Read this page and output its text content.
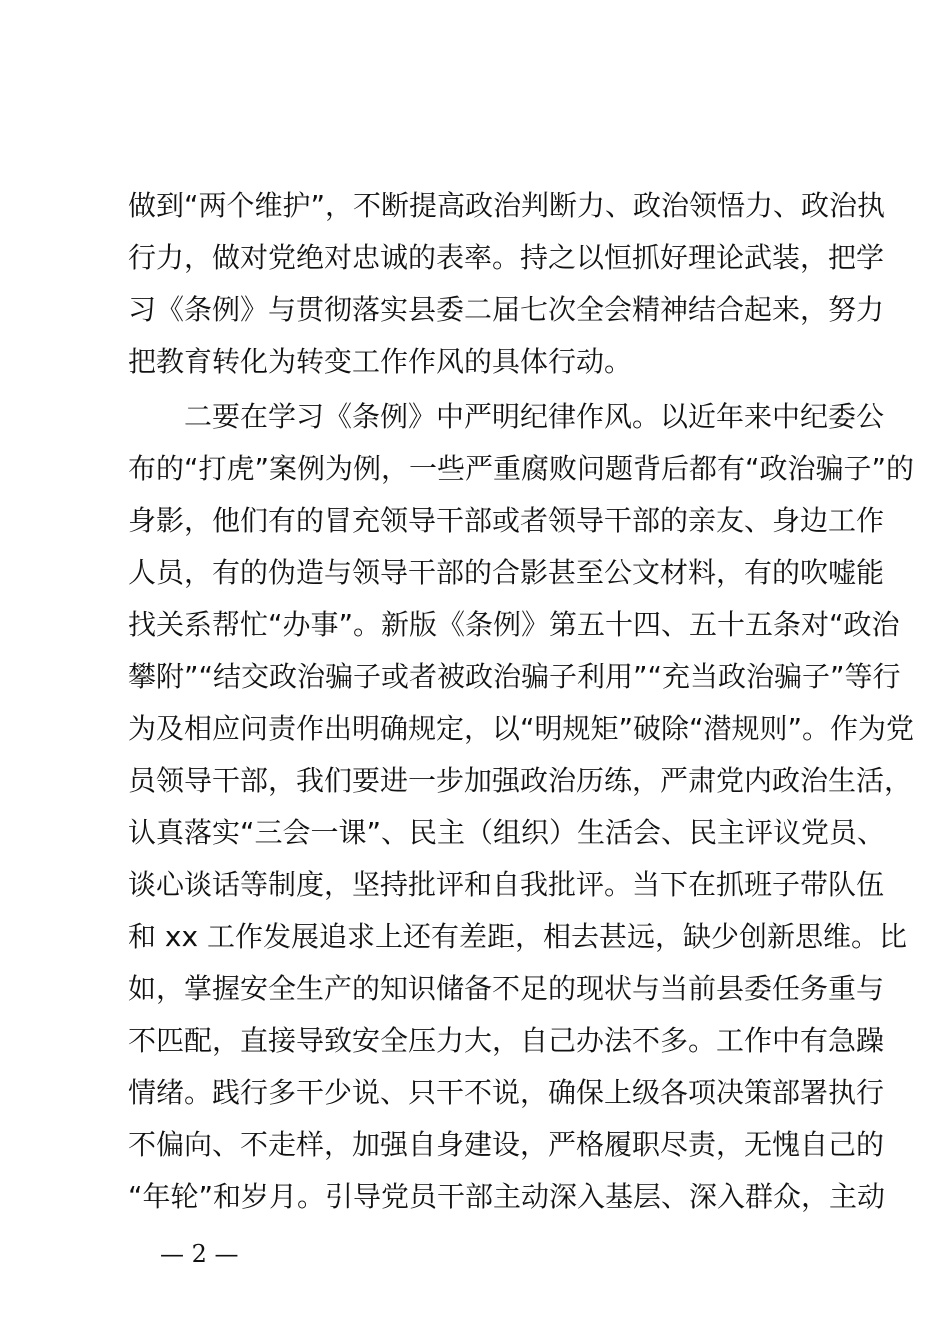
做到“两个维护”，不断提高政治判断力、政治领悟力、政治执
行力，做对党绝对忠诚的表率。持之以恒抓好理论武装，把学
习《条例》与贯彻落实县委二届七次全会精神结合起来，努力
把教育转化为转变工作作风的具体行动。
二要在学习《条例》中严明纪律作风。以近年来中纪委公
布的“打虎”案例为例，一些严重腐败问题背后都有“政治骗子”的
身影，他们有的冒充领导干部或者领导干部的亲友、身边工作
人员，有的伪造与领导干部的合影甚至公文材料，有的吹嘘能
找关系帮忙“办事”。新版《条例》第五十四、五十五条对“政治
攀附”“结交政治骗子或者被政治骗子利用”“充当政治骗子”等行
为及相应问责作出明确规定，以“明规矩”破除“潜规则”。作为党
员领导干部，我们要进一步加强政治历练，严肃党内政治生活，
认真落实“三会一课”、民主（组织）生活会、民主评议党员、
谈心谈话等制度，坚持批评和自我批评。当下在抓班子带队伍
和 xx 工作发展追求上还有差距，相去甚远，缺少创新思维。比
如，掌握安全生产的知识储备不足的现状与当前县委任务重与
不匹配，直接导致安全压力大，自己办法不多。工作中有急躁
情绪。践行多干少说、只干不说，确保上级各项决策部署执行
不偏向、不走样，加强自身建设，严格履职尽责，无愧自己的
“年轮”和岁月。引导党员干部主动深入基层、深入群众，主动
— 2 —
